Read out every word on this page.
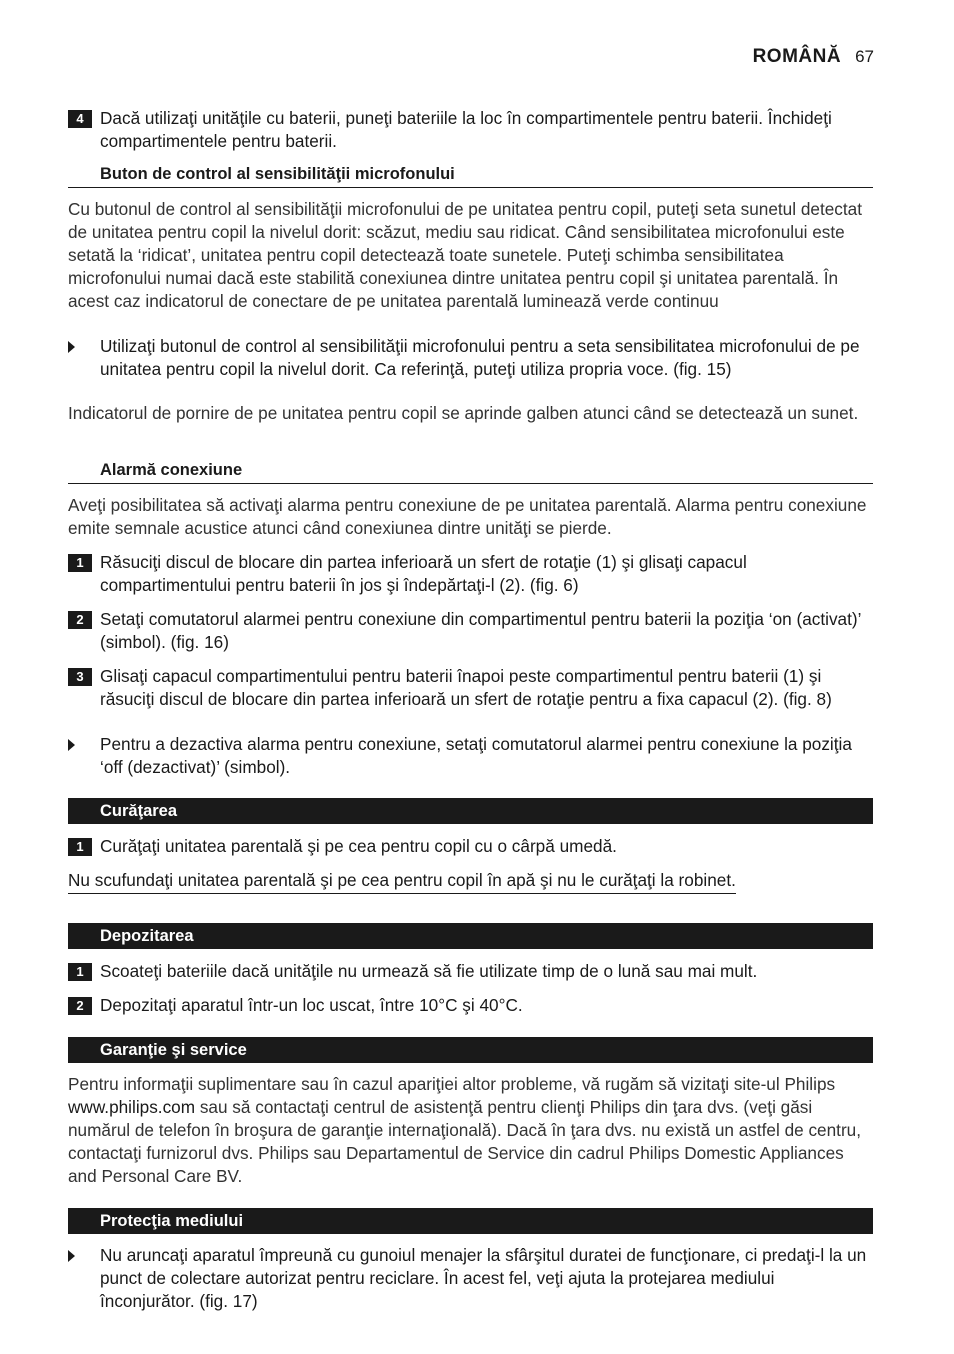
ROMÂNĂ 67
4 Dacă utilizaţi unităţile cu baterii, puneţi bateriile la loc în compartimentele pentru baterii. Închideţi compartimentele pentru baterii.
Buton de control al sensibilităţii microfonului
Cu butonul de control al sensibilităţii microfonului de pe unitatea pentru copil, puteţi seta sunetul detectat de unitatea pentru copil la nivelul dorit: scăzut, mediu sau ridicat. Când sensibilitatea microfonului este setată la ‘ridicat’, unitatea pentru copil detectează toate sunetele. Puteţi schimba sensibilitatea microfonului numai dacă este stabilită conexiunea dintre unitatea pentru copil şi unitatea parentală. În acest caz indicatorul de conectare de pe unitatea parentală luminează verde continuu
Utilizaţi butonul de control al sensibilităţii microfonului pentru a seta sensibilitatea microfonului de pe unitatea pentru copil la nivelul dorit. Ca referinţă, puteţi utiliza propria voce. (fig. 15)
Indicatorul de pornire de pe unitatea pentru copil se aprinde galben atunci când se detectează un sunet.
Alarmă conexiune
Aveţi posibilitatea să activaţi alarma pentru conexiune de pe unitatea parentală. Alarma pentru conexiune emite semnale acustice atunci când conexiunea dintre unităţi se pierde.
1 Răsuciţi discul de blocare din partea inferioară un sfert de rotaţie (1) şi glisaţi capacul compartimentului pentru baterii în jos şi îndepărtaţi-l (2). (fig. 6)
2 Setaţi comutatorul alarmei pentru conexiune din compartimentul pentru baterii la poziţia ‘on (activat)’ (simbol). (fig. 16)
3 Glisaţi capacul compartimentului pentru baterii înapoi peste compartimentul pentru baterii (1) şi răsuciţi discul de blocare din partea inferioară un sfert de rotaţie pentru a fixa capacul (2). (fig. 8)
Pentru a dezactiva alarma pentru conexiune, setaţi comutatorul alarmei pentru conexiune la poziţia ‘off (dezactivat)’ (simbol).
Curăţarea
1 Curăţaţi unitatea parentală şi pe cea pentru copil cu o cârpă umedă.
Nu scufundaţi unitatea parentală şi pe cea pentru copil în apă şi nu le curăţaţi la robinet.
Depozitarea
1 Scoateţi bateriile dacă unităţile nu urmează să fie utilizate timp de o lună sau mai mult.
2 Depozitaţi aparatul într-un loc uscat, între 10°C şi 40°C.
Garanţie şi service
Pentru informaţii suplimentare sau în cazul apariţiei altor probleme, vă rugăm să vizitaţi site-ul Philips www.philips.com sau să contactaţi centrul de asistenţă pentru clienţi Philips din ţara dvs. (veţi găsi numărul de telefon în broşura de garanţie internaţională). Dacă în ţara dvs. nu există un astfel de centru, contactaţi furnizorul dvs. Philips sau Departamentul de Service din cadrul Philips Domestic Appliances and Personal Care BV.
Protecţia mediului
Nu aruncaţi aparatul împreună cu gunoiul menajer la sfârşitul duratei de funcţionare, ci predaţi-l la un punct de colectare autorizat pentru reciclare. În acest fel, veţi ajuta la protejarea mediului înconjurător. (fig. 17)
